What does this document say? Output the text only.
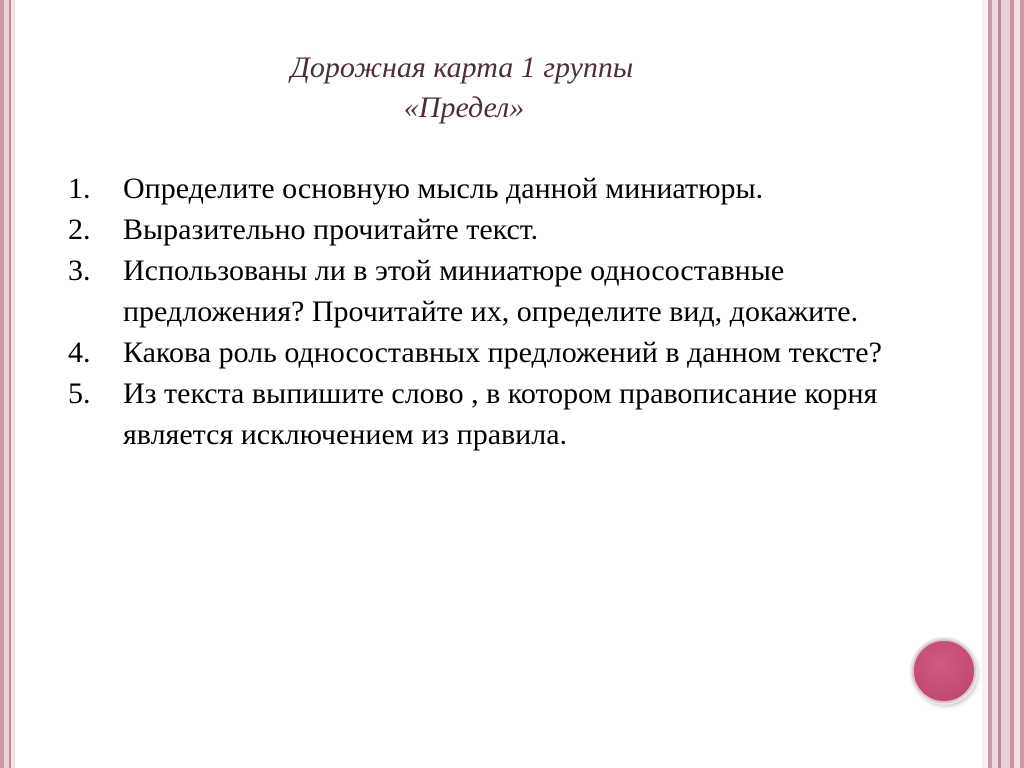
Дорожная карта 1 группы
«Предел»
1.	Определите основную мысль данной миниатюры.
2.	Выразительно прочитайте текст.
3.	Использованы ли в этой миниатюре односоставные предложения? Прочитайте их, определите вид, докажите.
4.	Какова роль односоставных предложений в данном тексте?
5.	Из текста выпишите слово , в котором правописание корня является исключением из правила.
